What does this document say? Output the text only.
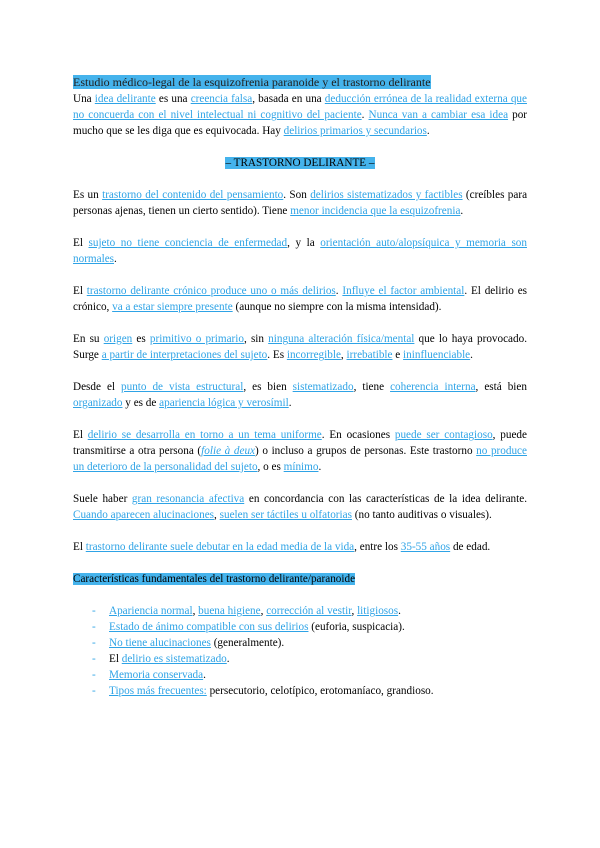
Estudio médico-legal de la esquizofrenia paranoide y el trastorno delirante

Una idea delirante es una creencia falsa, basada en una deducción errónea de la realidad externa que no concuerda con el nivel intelectual ni cognitivo del paciente. Nunca van a cambiar esa idea por mucho que se les diga que es equivocada. Hay delirios primarios y secundarios.

– TRASTORNO DELIRANTE –

Es un trastorno del contenido del pensamiento. Son delirios sistematizados y factibles (creíbles para personas ajenas, tienen un cierto sentido). Tiene menor incidencia que la esquizofrenia.

El sujeto no tiene conciencia de enfermedad, y la orientación auto/alopsíquica y memoria son normales.

El trastorno delirante crónico produce uno o más delirios. Influye el factor ambiental. El delirio es crónico, va a estar siempre presente (aunque no siempre con la misma intensidad).

En su origen es primitivo o primario, sin ninguna alteración física/mental que lo haya provocado. Surge a partir de interpretaciones del sujeto. Es incorregible, irrebatible e ininfluenciable.

Desde el punto de vista estructural, es bien sistematizado, tiene coherencia interna, está bien organizado y es de apariencia lógica y verosímil.

El delirio se desarrolla en torno a un tema uniforme. En ocasiones puede ser contagioso, puede transmitirse a otra persona (folie à deux) o incluso a grupos de personas. Este trastorno no produce un deterioro de la personalidad del sujeto, o es mínimo.

Suele haber gran resonancia afectiva en concordancia con las características de la idea delirante. Cuando aparecen alucinaciones, suelen ser táctiles u olfatorias (no tanto auditivas o visuales).

El trastorno delirante suele debutar en la edad media de la vida, entre los 35-55 años de edad.

Características fundamentales del trastorno delirante/paranoide

- Apariencia normal, buena higiene, corrección al vestir, litigiosos.
- Estado de ánimo compatible con sus delirios (euforia, suspicacia).
- No tiene alucinaciones (generalmente).
- El delirio es sistematizado.
- Memoria conservada.
- Tipos más frecuentes: persecutorio, celotípico, erotomaníaco, grandioso.
